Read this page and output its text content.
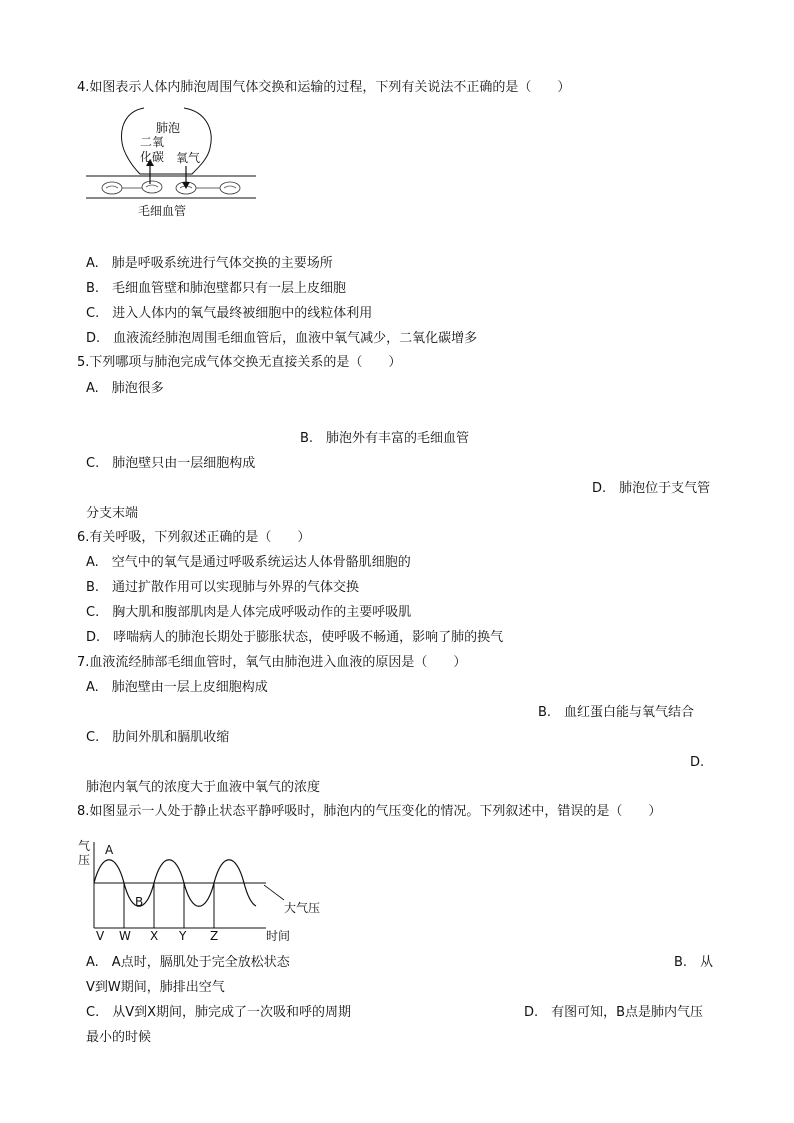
4.如图表示人体内肺泡周围气体交换和运输的过程，下列有关说法不正确的是（　　）
肺泡
二氧
化碳 氧气
毛细血管
A.　肺是呼吸系统进行气体交换的主要场所
B.　毛细血管壁和肺泡壁都只有一层上皮细胞
C.　进入人体内的氧气最终被细胞中的线粒体利用
D.　血液流经肺泡周围毛细血管后，血液中氧气减少，二氧化碳增多
5.下列哪项与肺泡完成气体交换无直接关系的是（　　）
A.　肺泡很多
B.　肺泡外有丰富的毛细血管
C.　肺泡壁只由一层细胞构成
D.　肺泡位于支气管
分支末端
6.有关呼吸，下列叙述正确的是（　　）
A.　空气中的氧气是通过呼吸系统运达人体骨骼肌细胞的
B.　通过扩散作用可以实现肺与外界的气体交换
C.　胸大肌和腹部肌肉是人体完成呼吸动作的主要呼吸肌
D.　哮喘病人的肺泡长期处于膨胀状态，使呼吸不畅通，影响了肺的换气
7.血液流经肺部毛细血管时，氧气由肺泡进入血液的原因是（　　）
A.　肺泡壁由一层上皮细胞构成
B.　血红蛋白能与氧气结合
C.　肋间外肌和膈肌收缩
D.
肺泡内氧气的浓度大于血液中氧气的浓度
8.如图显示一人处于静止状态平静呼吸时，肺泡内的气压变化的情况。下列叙述中，错误的是（　　）
气
压
A
B	大气压
V W X Y Z	时间
A.　A点时，膈肌处于完全放松状态	B.　从
V到W期间，肺排出空气
C.　从V到X期间，肺完成了一次吸和呼的周期	D.　有图可知，B点是肺内气压
最小的时候
